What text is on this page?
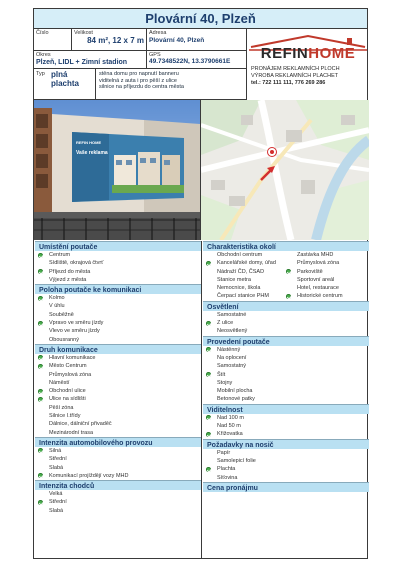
Plovární 40, Plzeň
Číslo	Velikost
84 m², 12 x 7 m
Adresa
Plovární 40, Plzeň
Okres
Plzeň, LIDL + Zimní stadion
GPS
49.7348522N, 13.3790661E
Typ plná plachta
stěna domu pro napnutí banneru
viditelná z auta i pro pěší z ulice
silnice na příjezdu do centra města
REFINHOME
PRONÁJEM REKLAMNÍCH PLOCH
VÝROBA REKLAMNÍCH PLACHET
tel.: 722 111 111, 776 269 286
REFIN HOME
Vaše reklama
Umístění poutače
Centrum
Sídliště, okrajová čtvrť
Příjezd do města
Výjezd z města
Poloha poutače ke komunikaci
Kolmo
V úhlu
Souběžně
Vpravo ve směru jízdy
Vlevo ve směru jízdy
Obousranný
Druh komunikace
Hlavní komunikace
Město Centrum
Průmyslová zóna
Náměstí
Obchodní ulice
Ulice na sídlišti
Pěší zóna
Silnice I.třídy
Dálnice, dálniční přivaděč
Mezinárodní trasa
Intenzita automobilového provozu
Silná
Střední
Slabá
Komunikací projíždějí vozy MHD
Intenzita chodců
Velká
Střední
Slabá
Charakteristika okolí
Obchodní centrum	Zastávka MHD
Kancelářské domy, úřad	Průmyslová zóna
Nádraží ČD, ČSAD	Parkoviště
Stanice metra	Sportovní areál
Nemocnice, škola	Hotel, restaurace
Čerpací stanice PHM	Historické centrum
Osvětlení
Samostatné
Z ulice
Neosvětlený
Provedení poutače
Nástěnný
Na oplocení
Samostatný
Štít
Stojny
Mobilní plocha
Betonové patky
Viditelnost
Nad 100 m
Nad 50 m
Křižovatka
Požadavky na nosič
Papír
Samolepicí folie
Plachta
Síťovina
Cena pronájmu
